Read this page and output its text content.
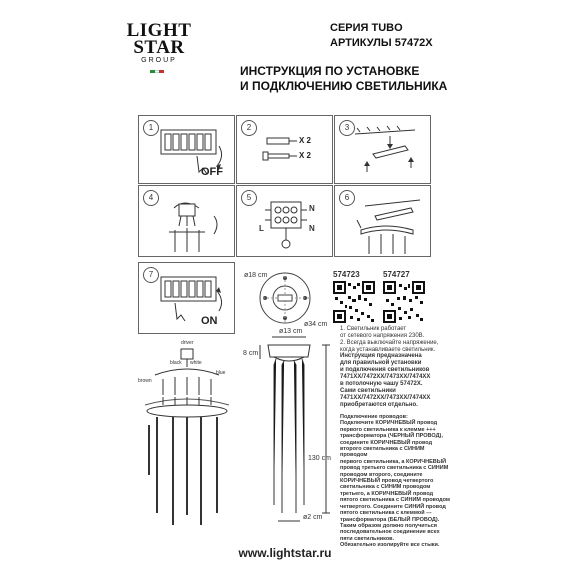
LIGHT
STAR
GROUP
СЕРИЯ TUBO
АРТИКУЛЫ 57472X
ИНСТРУКЦИЯ ПО УСТАНОВКЕ
И ПОДКЛЮЧЕНИЮ СВЕТИЛЬНИКА
1
OFF
2
X 2
X 2
3
4	5
N
L	N
6
7
ON
ø18 cm
ø34 cm
574723	574727
1. Светильник работает
от сетевого напряжения 230В.
2. Всегда выключайте напряжение,
когда устанавливаете светильник.
Инструкция предназначена
для правильной установки
и подключения светильников
7471XX/7472XX/7473XX/7474XX
в потолочную чашу 57472X.
Сами светильники
7471XX/7472XX/7473XX/7474XX
приобретаются отдельно.
Подключение проводов:
Подключите КОРИЧНЕВЫЙ провод
первого светильника к клемме +++
трансформатора (ЧЕРНЫЙ ПРОВОД),
соедините КОРИЧНЕВЫЙ провод
второго светильника с СИНИМ проводом
первого светильника, а КОРИЧНЕВЫЙ
провод третьего светильника с СИНИМ
проводом второго, соедините
КОРИЧНЕВЫЙ провод четвертого
светильника с СИНИМ проводом
третьего, а КОРИЧНЕВЫЙ провод
пятого светильника с СИНИМ проводом
четвертого. Соедините СИНИЙ провод
пятого светильника с клеммой ---
трансформатора (БЕЛЫЙ ПРОВОД).
Таким образом должно получиться
последовательное соединение всех
пяти светильников.
Обязательно изолируйте все стыки.
driver
black white
brown
blue
ø13 cm
8 cm
130 cm
ø2 cm
www.lightstar.ru
